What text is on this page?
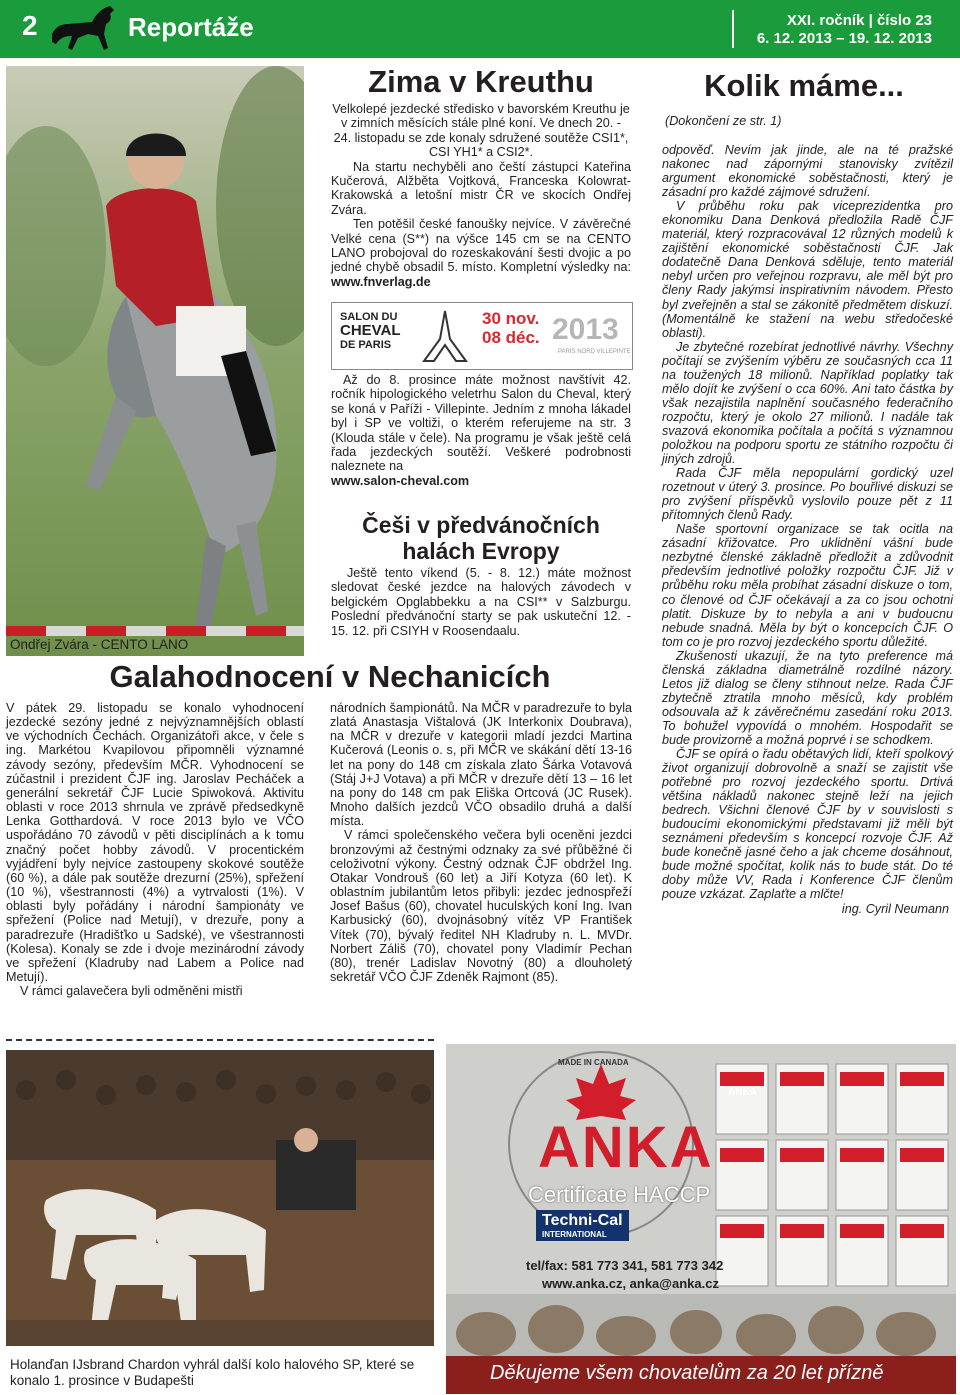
2	Reportáže	XXI. ročník | číslo 23
6. 12. 2013 – 19. 12. 2013
Ondřej Zvára - CENTO LANO
Zima v Kreuthu

Velkolepé jezdecké středisko v bavorském Kreuthu je v zimních měsících stále plné koní. Ve dnech 20. - 24. listopadu se zde konaly sdružené soutěže CSI1*, CSI YH1* a CSI2*.

Na startu nechyběli ano čeští zástupci Kateřina Kučerová, Alžběta Vojtková, Franceska Kolowrat-Krakowská a letošní mistr ČR ve skocích Ondřej Zvára.

Ten potěšil české fanoušky nejvíce. V závěrečné Velké cena (S**) na výšce 145 cm se na CENTO LANO probojoval do rozeskakování šesti dvojic a po jedné chybě obsadil 5. místo. Kompletní výsledky na: www.fnverlag.de

SALON DU
CHEVAL
DE PARIS
30 nov.
08 déc. 2013
PARIS NORD VILLEPINTE

Až do 8. prosince máte možnost navštívit 42. ročník hipologického veletrhu Salon du Cheval, který se koná v Paříži - Villepinte. Jedním z mnoha lákadel byl i SP ve voltiži, o kterém referujeme na str. 3 (Klouda stále v čele). Na programu je však ještě celá řada jezdeckých soutěží. Veškeré podrobnosti naleznete na

www.salon-cheval.com

Češi v předvánočních
halách Evropy

Ještě tento víkend (5. - 8. 12.) máte možnost sledovat české jezdce na halových závodech v belgickém Opglabbekku a na CSI** v Salzburgu. Poslední předvánoční starty se pak uskuteční 12. - 15. 12. při CSIYH v Roosendaalu.

Kolik máme...
(Dokončení ze str. 1)

odpověď. Nevím jak jinde, ale na té pražské nakonec nad zápornými stanovisky zvítězil argument ekonomické soběstačnosti, který je zásadní pro každé zájmové sdružení.

V průběhu roku pak viceprezidentka pro ekonomiku Dana Denková předložila Radě ČJF materiál, který rozpracovával 12 různých modelů k zajištění ekonomické soběstačnosti ČJF. Jak dodatečně Dana Denková sděluje, tento materiál nebyl určen pro veřejnou rozpravu, ale měl být pro členy Rady jakýmsi inspirativním návodem. Přesto byl zveřejněn a stal se zákonitě předmětem diskuzí. (Momentálně ke stažení na webu středočeské oblasti).

Je zbytečné rozebírat jednotlivé návrhy. Všechny počítají se zvýšením výběru ze současných cca 11 na toužených 18 milionů. Například poplatky tak mělo dojít ke zvýšení o cca 60%. Ani tato částka by však nezajistila naplnění současného federačního rozpočtu, který je okolo 27 milionů. I nadále tak svazová ekonomika počítala a počítá s významnou položkou na podporu sportu ze státního rozpočtu či jiných zdrojů.

Rada ČJF měla nepopulární gordický uzel rozetnout v úterý 3. prosince. Po bouřlivé diskuzi se pro zvýšení příspěvků vyslovilo pouze pět z 11 přítomných členů Rady.

Naše sportovní organizace se tak ocitla na zásadní křižovatce. Pro uklidnění vášní bude nezbytné členské základně předložit a zdůvodnit především jednotlivé položky rozpočtu ČJF. Již v průběhu roku měla probíhat zásadní diskuze o tom, co členové od ČJF očekávají a za co jsou ochotni platit. Diskuze by to nebyla a ani v budoucnu nebude snadná. Měla by být o koncepcích ČJF. O tom co je pro rozvoj jezdeckého sportu důležité.

Zkušenosti ukazují, že na tyto preference má členská základna diametrálně rozdílné názory. Letos již dialog se členy stihnout nelze. Rada ČJF zbytečně ztratila mnoho měsíců, kdy problém odsouvala až k závěrečnému zasedání roku 2013. To bohužel vypovídá o mnohém. Hospodařit se bude provizorně a možná poprvé i se schodkem.

ČJF se opírá o řadu obětavých lidí, kteří spolkový život organizují dobrovolně a snaží se zajistit vše potřebné pro rozvoj jezdeckého sportu. Drtivá většina nákladů nakonec stejně leží na jejich bedrech. Všichni členové ČJF by v souvislosti s budoucími ekonomickými představami již měli být seznámeni především s koncepcí rozvoje ČJF. Až bude konečně jasné čeho a jak chceme dosáhnout, bude možné spočítat, kolik nás to bude stát. Do té doby může VV, Rada i Konference ČJF členům pouze vzkázat. Zaplaťte a mlčte!

ing. Cyril Neumann

Galahodnocení v Nechanicích

V pátek 29. listopadu se konalo vyhodnocení jezdecké sezóny jedné z nejvýznamnějších oblastí ve východních Čechách. Organizátoři akce, v čele s ing. Markétou Kvapilovou připomněli významné závody sezóny, především MČR. Vyhodnocení se zúčastnil i prezident ČJF ing. Jaroslav Pecháček a generální sekretář ČJF Lucie Spiwoková. Aktivitu oblasti v roce 2013 shrnula ve zprávě předsedkyně Lenka Gotthardová. V roce 2013 bylo ve VČO uspořádáno 70 závodů v pěti disciplínách a k tomu značný počet hobby závodů. V procentickém vyjádření byly nejvíce zastoupeny skokové soutěže (60 %), a dále pak soutěže drezurní (25%), spřežení (10 %), všestrannosti (4%) a vytrvalosti (1%). V oblasti byly pořádány i národní šampionáty ve spřežení (Police nad Metují), v drezuře, pony a paradrezuře (Hradišťko u Sadské), ve všestrannosti (Kolesa). Konaly se zde i dvoje mezinárodní závody ve spřežení (Kladruby nad Labem a Police nad Metují).

V rámci galavečera byli odměněni mistři

národních šampionátů. Na MČR v paradrezuře to byla zlatá Anastasja Vištalová (JK Interkonix Doubrava), na MČR v drezuře v kategorii mladí jezdci Martina Kučerová (Leonis o. s, při MČR ve skákání dětí 13-16 let na pony do 148 cm získala zlato Šárka Votavová (Stáj J+J Votava) a při MČR v drezuře dětí 13 – 16 let na pony do 148 cm pak Eliška Ortcová (JC Rusek). Mnoho dalších jezdců VČO obsadilo druhá a další místa.

V rámci společenského večera byli oceněni jezdci bronzovými až čestnými odznaky za své přůběžné či celoživotní výkony. Čestný odznak ČJF obdržel Ing. Otakar Vondrouš (60 let) a Jiří Kotyza (60 let). K oblastním jubilantům letos přibyli: jezdec jednospřeží Josef Bašus (60), chovatel huculských koní Ing. Ivan Karbusický (60), dvojnásobný vítěz VP František Vítek (70), bývalý ředitel NH Kladruby n. L. MVDr. Norbert Záliš (70), chovatel pony Vladimír Pechan (80), trenér Ladislav Novotný (80) a dlouholetý sekretář VČO ČJF Zdeněk Rajmont (85).

Holanďan IJsbrand Chardon vyhrál další kolo halového SP, které se konalo 1. prosince v Budapešti
MADE IN CANADA
ANKA
Certificate HACCP
Techni-Cal
INTERNATIONAL
tel/fax: 581 773 341, 581 773 342
www.anka.cz, anka@anka.cz
ANKA
Děkujeme všem chovatelům za 20 let přízně
